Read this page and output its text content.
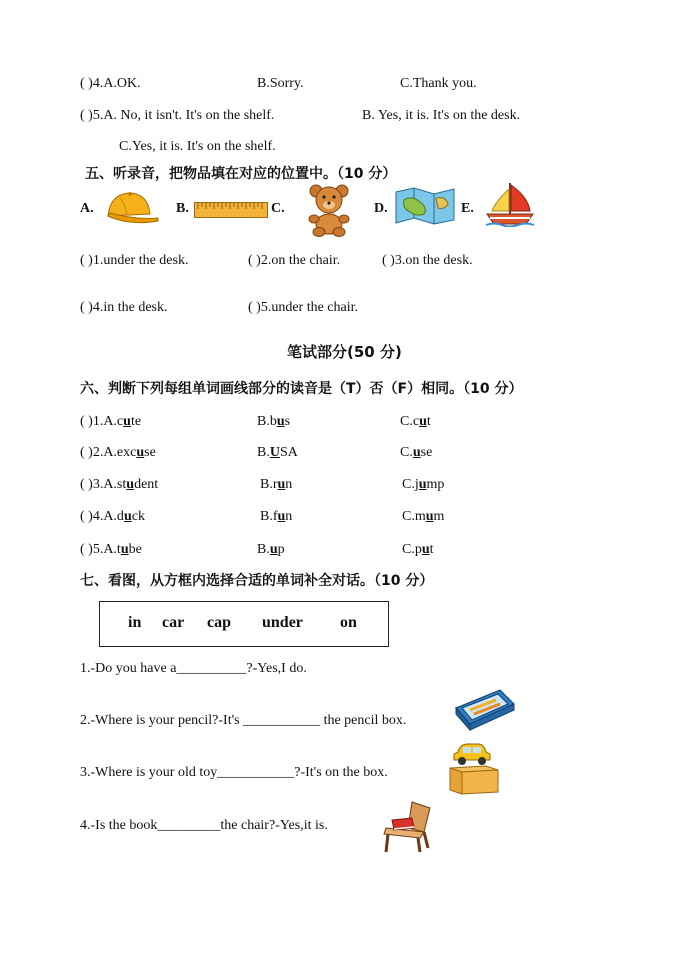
( )4.A.OK.	B.Sorry.	C.Thank you.
( )5.A. No, it isn't. It's on the shelf.	B. Yes, it is. It's on the desk.
C.Yes, it is. It's on the shelf.
五、听录音，把物品填在对应的位置中。（10 分）
A.	B.	C.	D.	E.
( )1.under the desk.	( )2.on the chair.	( )3.on the desk.
( )4.in the desk.	( )5.under the chair.
笔试部分(50 分)
六、判断下列每组单词画线部分的读音是（T）否（F）相同。（10 分）
( )1.A.cute	B.bus	C.cut
( )2.A.excuse	B.USA	C.use
( )3.A.student	B.run	C.jump
( )4.A.duck	B.fun	C.mum
( )5.A.tube	B.up	C.put
七、看图，从方框内选择合适的单词补全对话。（10 分）
in car cap under on
1.-Do you have a__________?-Yes,I do.
2.-Where is your pencil?-It's ___________ the pencil box.
3.-Where is your old toy___________?-It's on the box.
4.-Is the book_________the chair?-Yes,it is.
